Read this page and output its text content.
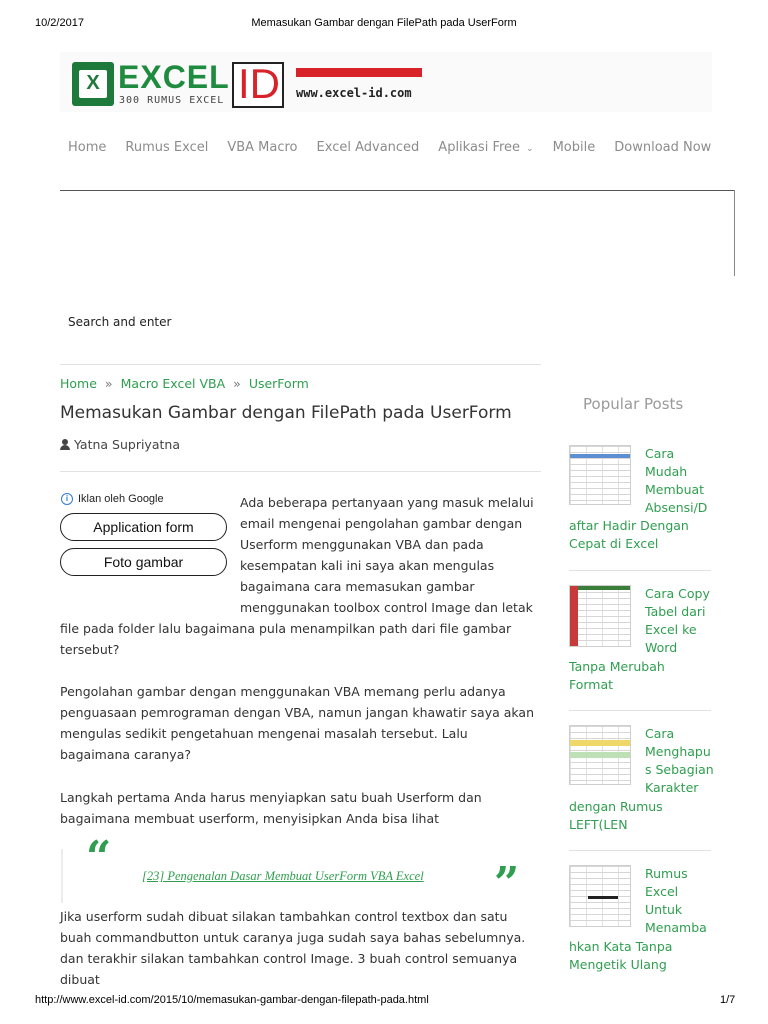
10/2/2017	Memasukan Gambar dengan FilePath pada UserForm
X EXCEL
300 RUMUS EXCEL ID www.excel-id.com
Home Rumus Excel VBA Macro Excel Advanced Aplikasi Free ⌄ Mobile Download Now
Search and enter
Home » Macro Excel VBA » UserForm
Memasukan Gambar dengan FilePath pada UserForm
Yatna Supriyatna
i Iklan oleh Google
Application form
Foto gambar
Ada beberapa pertanyaan yang masuk melalui email mengenai pengolahan gambar dengan Userform menggunakan VBA dan pada kesempatan kali ini saya akan mengulas bagaimana cara memasukan gambar menggunakan toolbox control Image dan letak
file pada folder lalu bagaimana pula menampilkan path dari file gambar tersebut?
Pengolahan gambar dengan menggunakan VBA memang perlu adanya penguasaan pemrograman dengan VBA, namun jangan khawatir saya akan mengulas sedikit pengetahuan mengenai masalah tersebut. Lalu bagaimana caranya?
Langkah pertama Anda harus menyiapkan satu buah Userform dan bagaimana membuat userform, menyisipkan Anda bisa lihat
“ [23] Pengenalan Dasar Membuat UserForm VBA Excel ”
Jika userform sudah dibuat silakan tambahkan control textbox dan satu buah commandbutton untuk caranya juga sudah saya bahas sebelumnya. dan terakhir silakan tambahkan control Image. 3 buah control semuanya dibuat
Popular Posts
Cara
Mudah
Membuat
Absensi/D
aftar Hadir Dengan
Cepat di Excel
Cara Copy
Tabel dari
Excel ke
Word
Tanpa Merubah
Format
Cara
Menghapu
s Sebagian
Karakter
dengan Rumus
LEFT(LEN
Rumus
Excel
Untuk
Menamba
hkan Kata Tanpa
Mengetik Ulang
http://www.excel-id.com/2015/10/memasukan-gambar-dengan-filepath-pada.html	1/7
